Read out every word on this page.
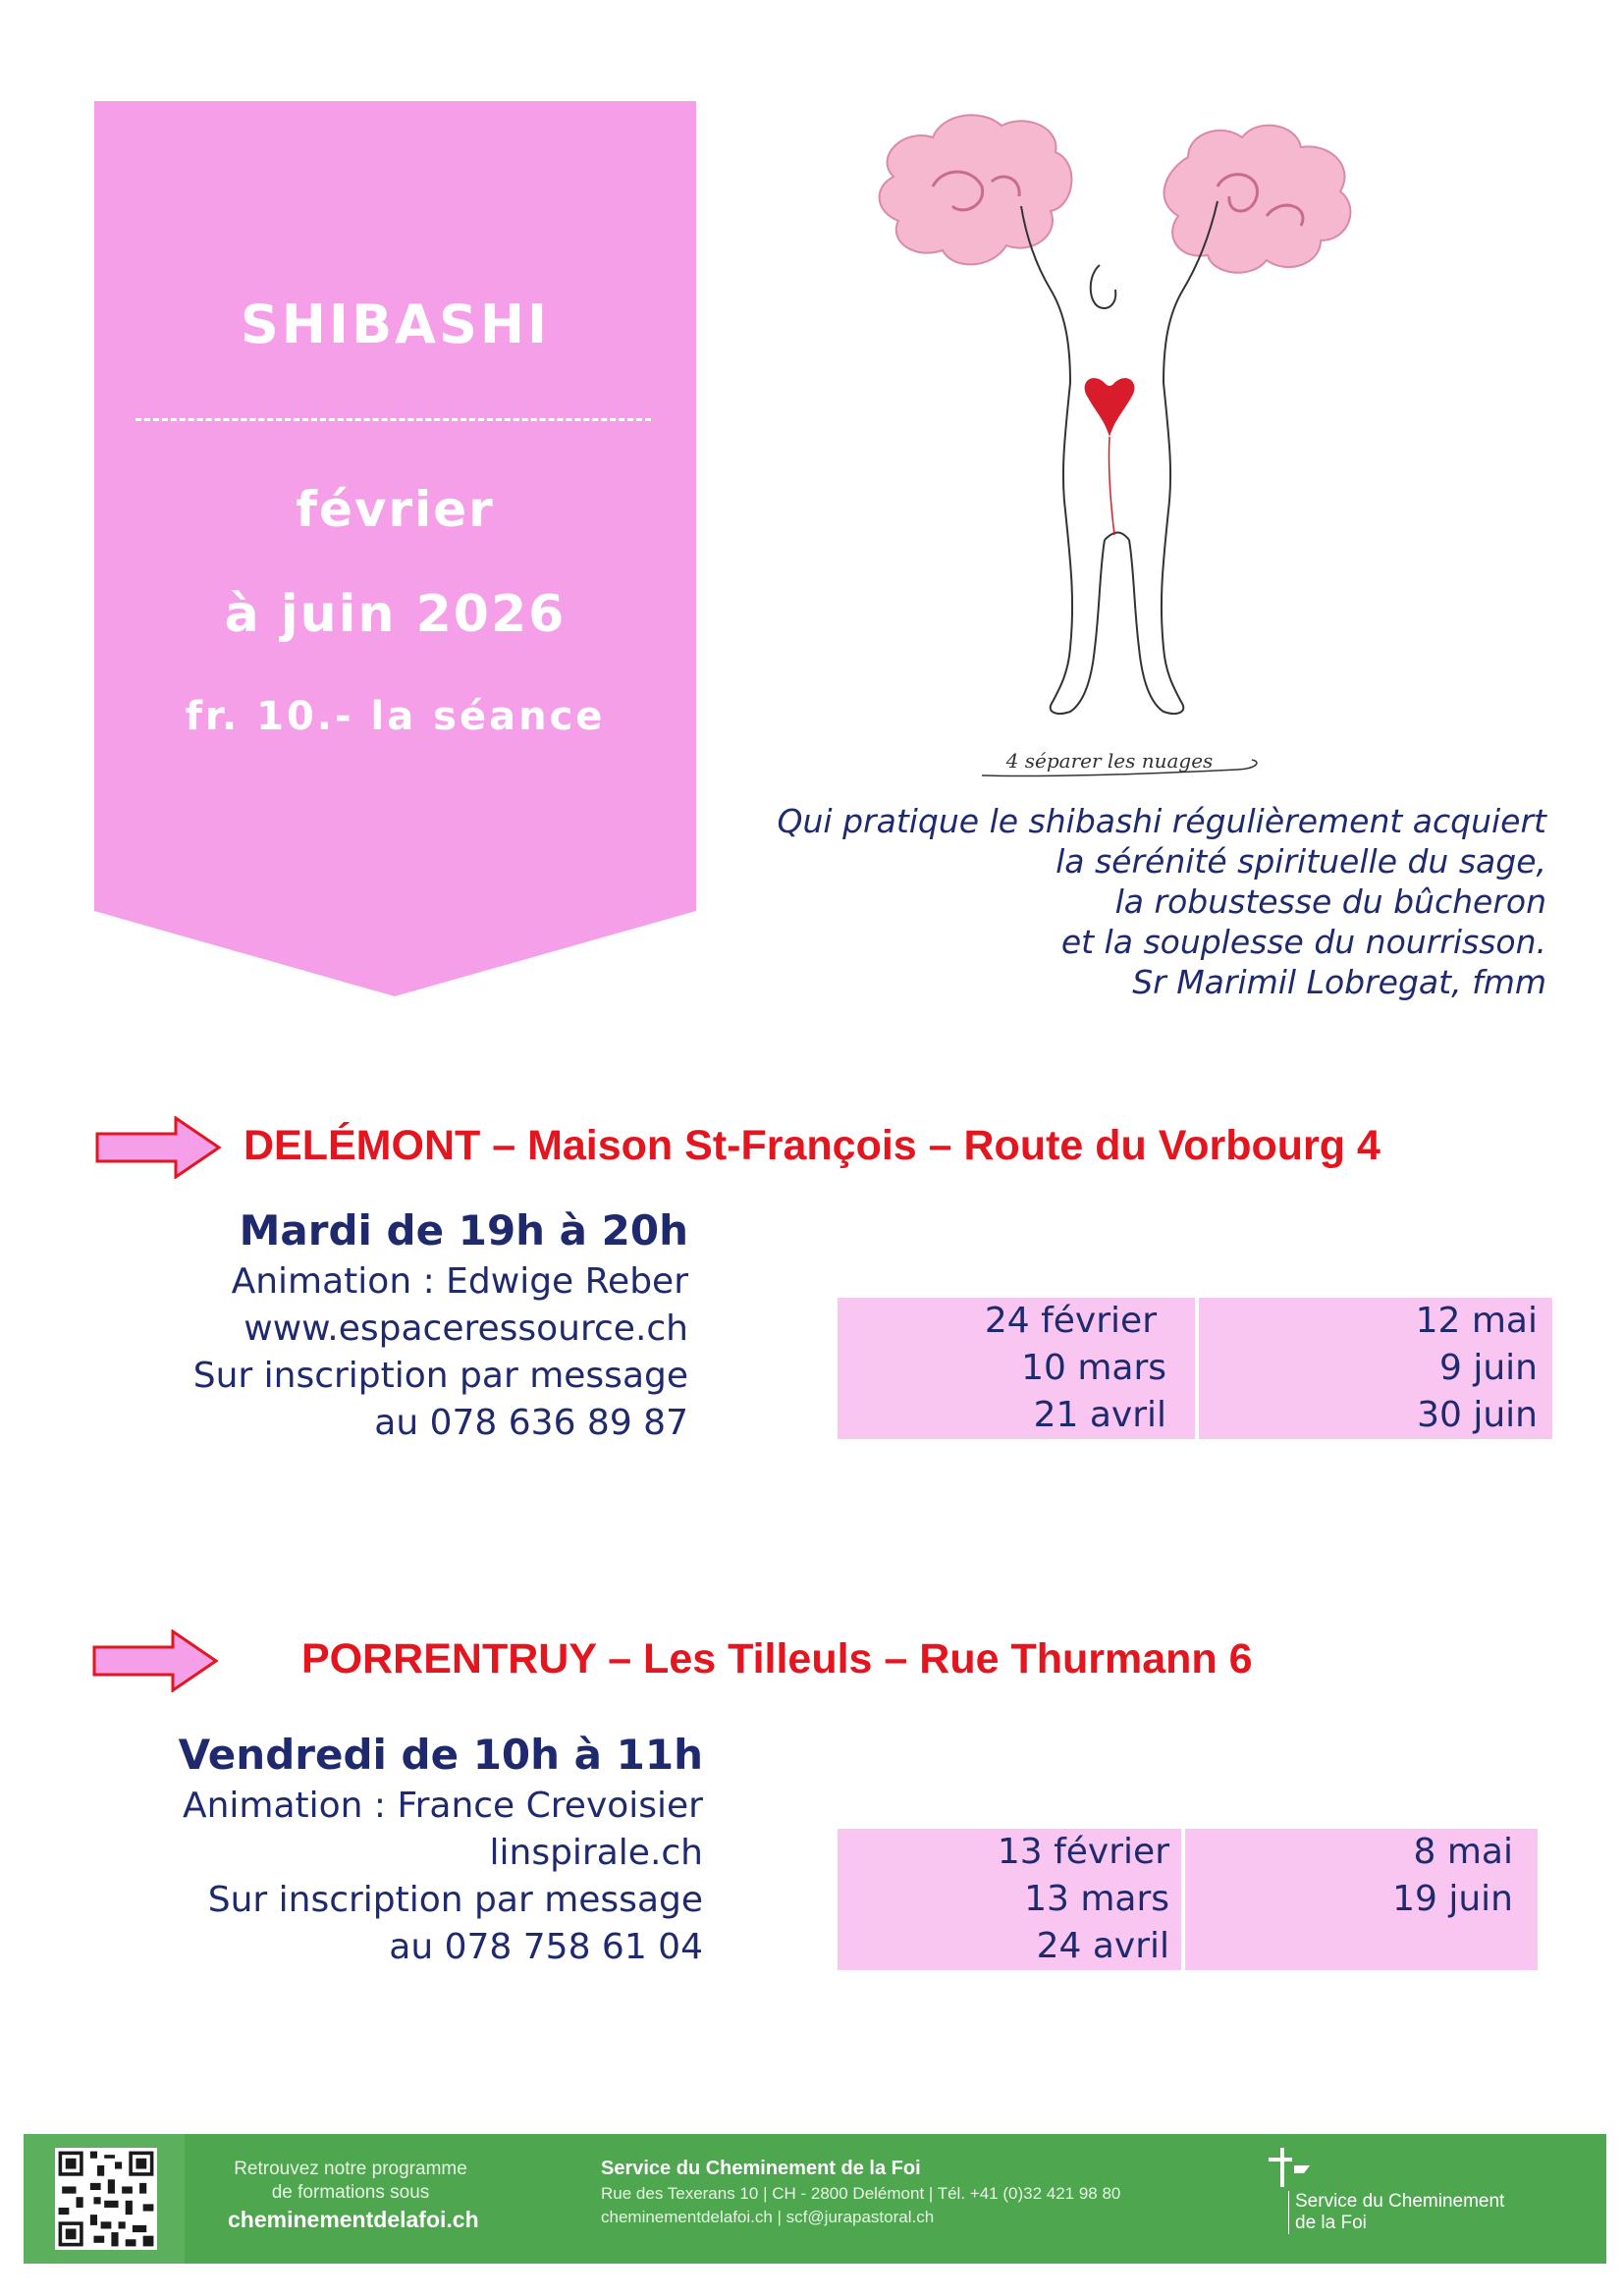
SHIBASHI
février
à juin 2026
fr. 10.- la séance
4 séparer les nuages
Qui pratique le shibashi régulièrement acquiert
la sérénité spirituelle du sage,
la robustesse du bûcheron
et la souplesse du nourrisson.
Sr Marimil Lobregat, fmm
DELÉMONT – Maison St-François – Route du Vorbourg 4
Mardi de 19h à 20h
Animation : Edwige Reber
www.espaceressource.ch
Sur inscription par message
au 078 636 89 87
24 février
10 mars
21 avril
12 mai
9 juin
30 juin
PORRENTRUY – Les Tilleuls – Rue Thurmann 6
Vendredi de 10h à 11h
Animation : France Crevoisier
linspirale.ch
Sur inscription par message
au 078 758 61 04
13 février
13 mars
24 avril
8 mai
19 juin
Retrouvez notre programme
de formations sous
cheminementdelafoi.ch
Service du Cheminement de la Foi
Rue des Texerans 10 | CH - 2800 Delémont | Tél. +41 (0)32 421 98 80
cheminementdelafoi.ch | scf@jurapastoral.ch
Service du Cheminement
de la Foi
